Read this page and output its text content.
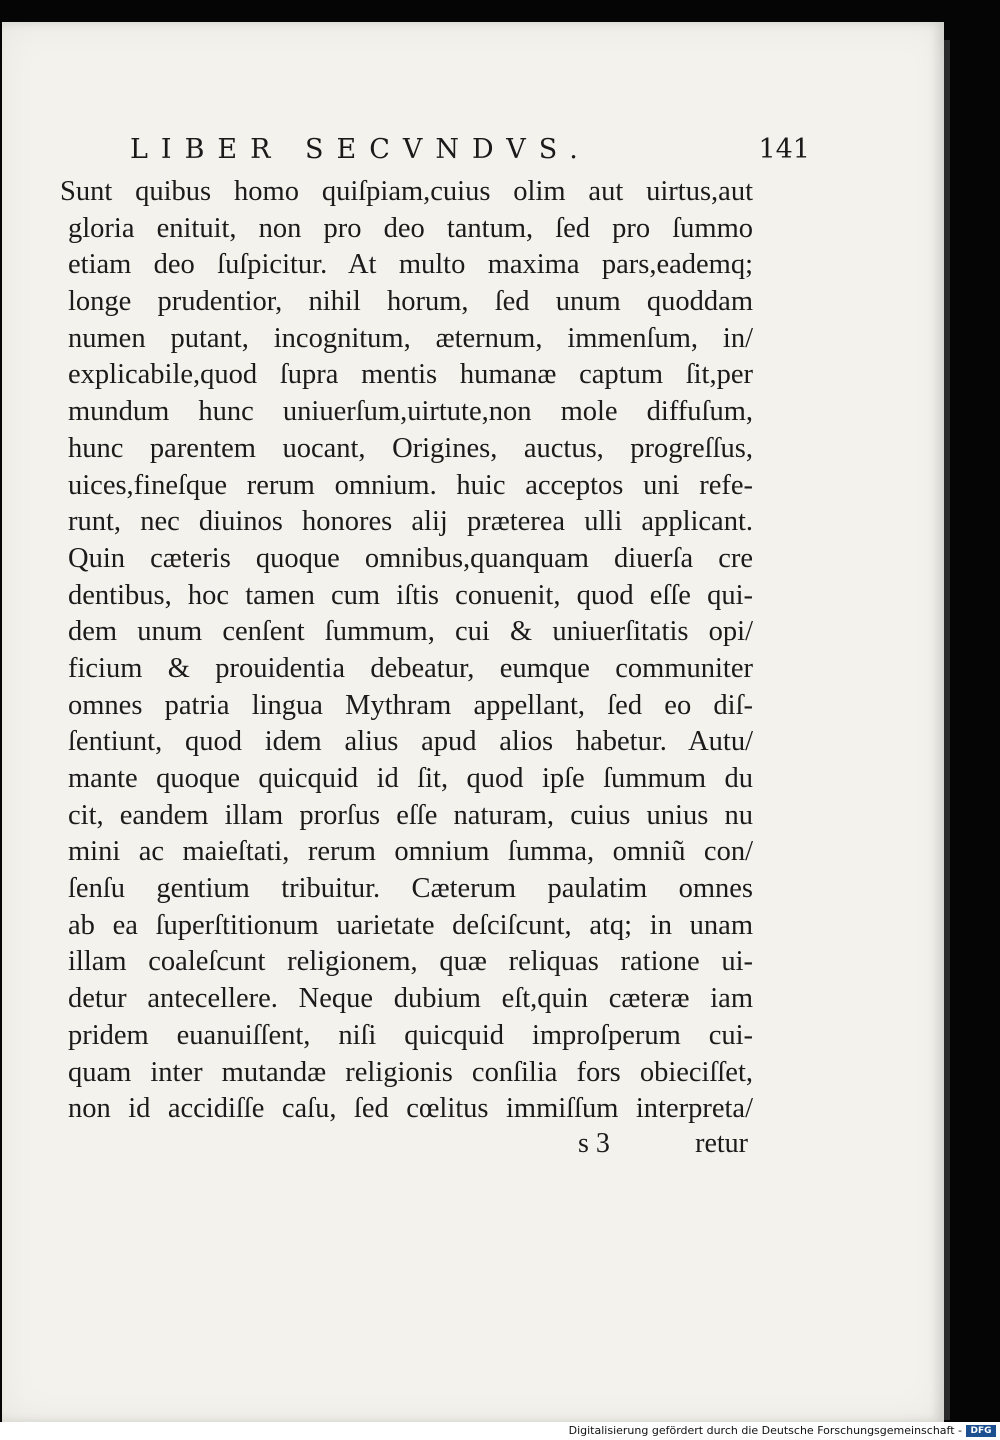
LIBER SECVNDVS.	141
Sunt quibus homo quiſpiam,cuius olim aut uirtus,aut
gloria enituit, non pro deo tantum, ſed pro ſummo
etiam deo ſuſpicitur. At multo maxima pars,eademq;
longe prudentior, nihil horum, ſed unum quoddam
numen putant, incognitum, æternum, immenſum, in/
explicabile,quod ſupra mentis humanæ captum ſit,per
mundum hunc uniuerſum,uirtute,non mole diffuſum,
hunc parentem uocant, Origines, auctus, progreſſus,
uices,fineſque rerum omnium. huic acceptos uni refe-
runt, nec diuinos honores alij præterea ulli applicant.
Quin cæteris quoque omnibus,quanquam diuerſa cre
dentibus, hoc tamen cum iſtis conuenit, quod eſſe qui-
dem unum cenſent ſummum, cui & uniuerſitatis opi/
ficium & prouidentia debeatur, eumque communiter
omnes patria lingua Mythram appellant, ſed eo diſ-
ſentiunt, quod idem alius apud alios habetur. Autu/
mante quoque quicquid id ſit, quod ipſe ſummum du
cit, eandem illam prorſus eſſe naturam, cuius unius nu
mini ac maieſtati, rerum omnium ſumma, omniũ con/
ſenſu gentium tribuitur. Cæterum paulatim omnes
ab ea ſuperſtitionum uarietate deſciſcunt, atq; in unam
illam coaleſcunt religionem, quæ reliquas ratione ui-
detur antecellere. Neque dubium eſt,quin cæteræ iam
pridem euanuiſſent, niſi quicquid improſperum cui-
quam inter mutandæ religionis conſilia fors obieciſſet,
non id accidiſſe caſu, ſed cœlitus immiſſum interpreta/
s 3	retur
Digitalisierung gefördert durch die Deutsche Forschungsgemeinschaft - DFG
